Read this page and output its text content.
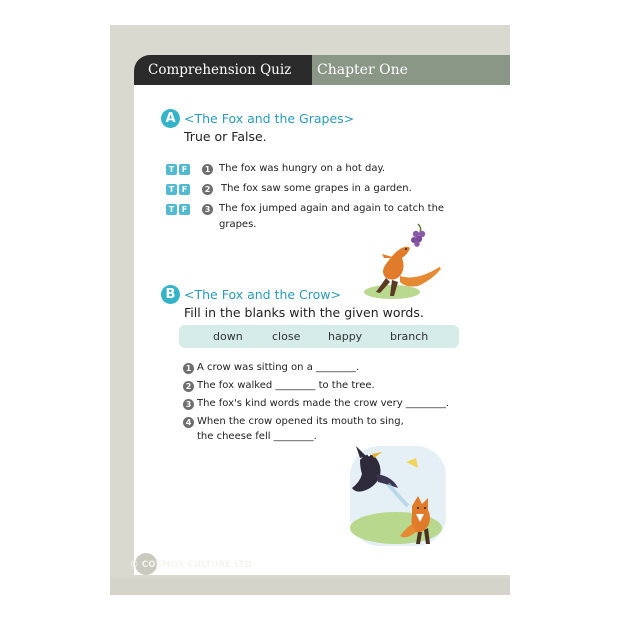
Comprehension Quiz	Chapter One
A <The Fox and the Grapes>
True or False.
T F	1 The fox was hungry on a hot day.
T F	2 The fox saw some grapes in a garden.
T F	3 The fox jumped again and again to catch the
grapes.
B <The Fox and the Crow>
Fill in the blanks with the given words.
down	close	happy	branch
1 A crow was sitting on a ________.
2 The fox walked ________ to the tree.
3 The fox's kind words made the crow very ________.
4 When the crow opened its mouth to sing,
the cheese fell ________.
© COSMOS CULTURE LTD
